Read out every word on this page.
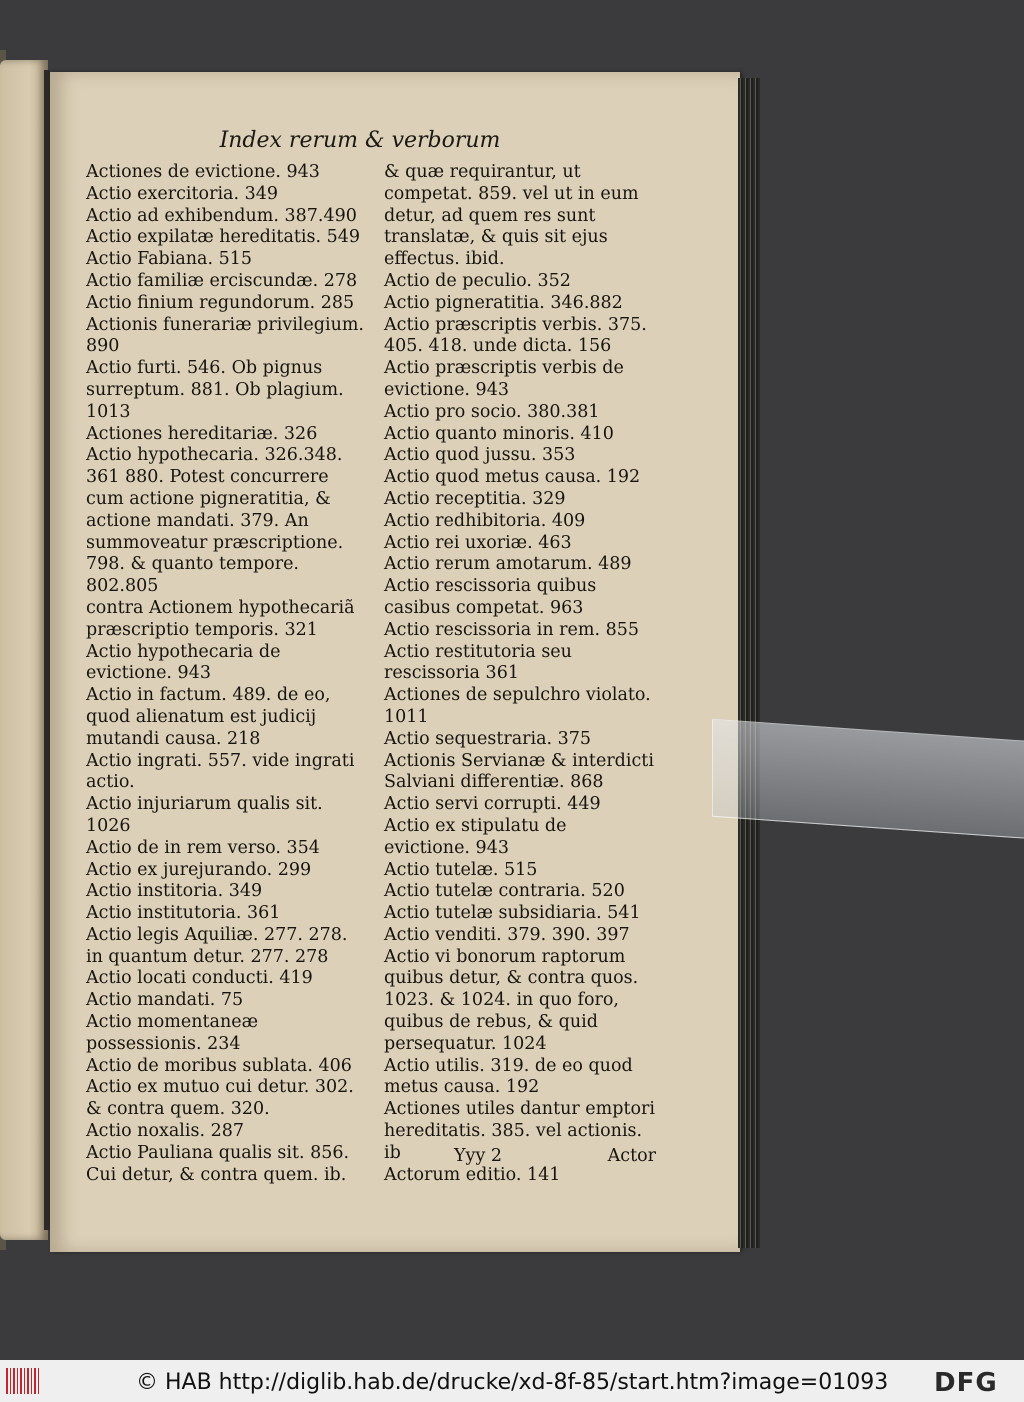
Index rerum & verborum

Actiones de evictione. 943

Actio exercitoria. 349

Actio ad exhibendum. 387.490

Actio expilatæ hereditatis. 549

Actio Fabiana. 515

Actio familiæ erciscundæ. 278

Actio finium regundorum. 285

Actionis funerariæ privilegium. 890

Actio furti. 546. Ob pignus surreptum. 881. Ob plagium. 1013

Actiones hereditariæ. 326

Actio hypothecaria. 326.348. 361 880. Potest concurrere cum actione pigneratitia, & actione mandati. 379. An summoveatur præscriptione. 798. & quanto tempore. 802.805

contra Actionem hypothecariã præscriptio temporis. 321

Actio hypothecaria de evictione. 943

Actio in factum. 489. de eo, quod alienatum est judicij mutandi causa. 218

Actio ingrati. 557. vide ingrati actio.

Actio injuriarum qualis sit. 1026

Actio de in rem verso. 354

Actio ex jurejurando. 299

Actio institoria. 349

Actio institutoria. 361

Actio legis Aquiliæ. 277. 278. in quantum detur. 277. 278

Actio locati conducti. 419

Actio mandati. 75

Actio momentaneæ possessionis. 234

Actio de moribus sublata. 406

Actio ex mutuo cui detur. 302. & contra quem. 320.

Actio noxalis. 287

Actio Pauliana qualis sit. 856. Cui detur, & contra quem. ib.

& quæ requirantur, ut competat. 859. vel ut in eum detur, ad quem res sunt translatæ, & quis sit ejus effectus. ibid.

Actio de peculio. 352

Actio pigneratitia. 346.882

Actio præscriptis verbis. 375. 405. 418. unde dicta. 156

Actio præscriptis verbis de evictione. 943

Actio pro socio. 380.381

Actio quanto minoris. 410

Actio quod jussu. 353

Actio quod metus causa. 192

Actio receptitia. 329

Actio redhibitoria. 409

Actio rei uxoriæ. 463

Actio rerum amotarum. 489

Actio rescissoria quibus casibus competat. 963

Actio rescissoria in rem. 855

Actio restitutoria seu rescissoria 361

Actiones de sepulchro violato. 1011

Actio sequestraria. 375

Actionis Servianæ & interdicti Salviani differentiæ. 868

Actio servi corrupti. 449

Actio ex stipulatu de evictione. 943

Actio tutelæ. 515

Actio tutelæ contraria. 520

Actio tutelæ subsidiaria. 541

Actio venditi. 379. 390. 397

Actio vi bonorum raptorum quibus detur, & contra quos. 1023. & 1024. in quo foro, quibus de rebus, & quid persequatur. 1024

Actio utilis. 319. de eo quod metus causa. 192

Actiones utiles dantur emptori hereditatis. 385. vel actionis. ib

Actorum editio. 141

Yyy 2	Actor
© HAB http://diglib.hab.de/drucke/xd-8f-85/start.htm?image=01093 DFG
